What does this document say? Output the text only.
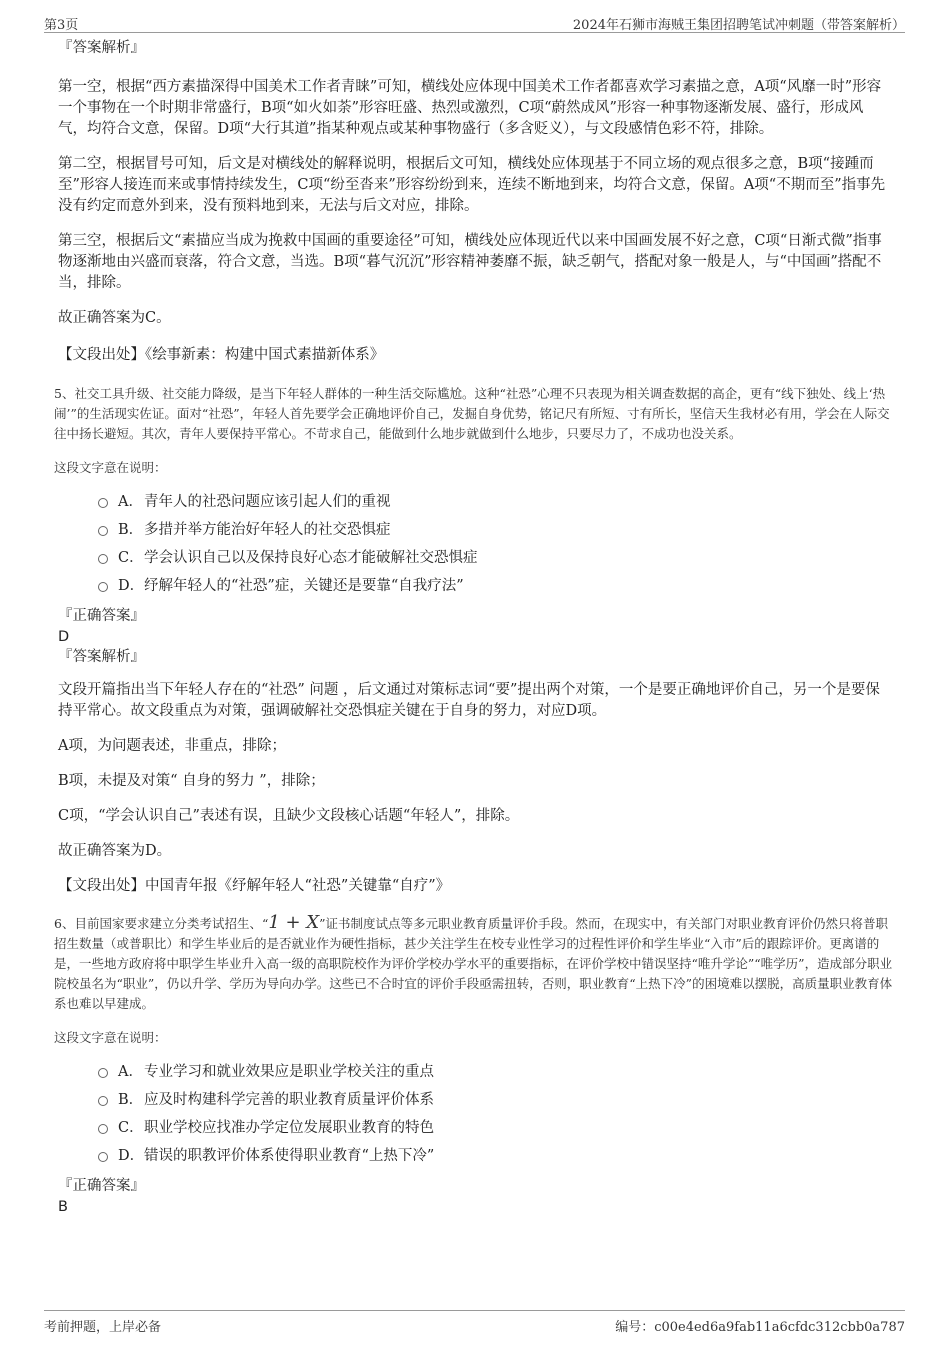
第3页	2024年石狮市海贼王集团招聘笔试冲刺题（带答案解析）

『答案解析』

第一空，根据“西方素描深得中国美术工作者青睐”可知，横线处应体现中国美术工作者都喜欢学习素描之意，A项“风靡一时”形容一个事物在一个时期非常盛行，B项“如火如荼”形容旺盛、热烈或激烈，C项“蔚然成风”形容一种事物逐渐发展、盛行，形成风气，均符合文意，保留。D项“大行其道”指某种观点或某种事物盛行（多含贬义），与文段感情色彩不符，排除。

第二空，根据冒号可知，后文是对横线处的解释说明，根据后文可知，横线处应体现基于不同立场的观点很多之意，B项“接踵而至”形容人接连而来或事情持续发生，C项“纷至沓来”形容纷纷到来，连续不断地到来，均符合文意，保留。A项“不期而至”指事先没有约定而意外到来，没有预料地到来，无法与后文对应，排除。

第三空，根据后文“素描应当成为挽救中国画的重要途径”可知，横线处应体现近代以来中国画发展不好之意，C项“日渐式微”指事物逐渐地由兴盛而衰落，符合文意，当选。B项“暮气沉沉”形容精神萎靡不振，缺乏朝气，搭配对象一般是人，与“中国画”搭配不当，排除。

故正确答案为C。

【文段出处】《绘事新素：构建中国式素描新体系》

5、社交工具升级、社交能力降级，是当下年轻人群体的一种生活交际尴尬。这种“社恐”心理不只表现为相关调查数据的高企，更有“线下独处、线上‘热闹’”的生活现实佐证。面对“社恐”，年轻人首先要学会正确地评价自己，发掘自身优势，铭记尺有所短、寸有所长，坚信天生我材必有用，学会在人际交往中扬长避短。其次，青年人要保持平常心。不苛求自己，能做到什么地步就做到什么地步，只要尽力了，不成功也没关系。

这段文字意在说明：

A． 青年人的社恐问题应该引起人们的重视
B． 多措并举方能治好年轻人的社交恐惧症
C． 学会认识自己以及保持良好心态才能破解社交恐惧症
D． 纾解年轻人的“社恐”症，关键还是要靠“自我疗法”

『正确答案』

D

『答案解析』

文段开篇指出当下年轻人存在的“社恐” 问题 ，后文通过对策标志词“要”提出两个对策，一个是要正确地评价自己，另一个是要保持平常心。故文段重点为对策，强调破解社交恐惧症关键在于自身的努力，对应D项。

A项，为问题表述，非重点，排除；

B项，未提及对策“ 自身的努力 ”，排除；

C项，“学会认识自己”表述有误，且缺少文段核心话题“年轻人”，排除。

故正确答案为D。

【文段出处】中国青年报《纾解年轻人“社恐”关键靠“自疗”》

6、目前国家要求建立分类考试招生、“1 + X”证书制度试点等多元职业教育质量评价手段。然而，在现实中，有关部门对职业教育评价仍然只将普职招生数量（或普职比）和学生毕业后的是否就业作为硬性指标，甚少关注学生在校专业性学习的过程性评价和学生毕业“入市”后的跟踪评价。更离谱的是，一些地方政府将中职学生毕业升入高一级的高职院校作为评价学校办学水平的重要指标，在评价学校中错误坚持“唯升学论”“唯学历”，造成部分职业院校虽名为“职业”，仍以升学、学历为导向办学。这些已不合时宜的评价手段亟需扭转，否则，职业教育“上热下冷”的困境难以摆脱，高质量职业教育体系也难以早建成。

这段文字意在说明：

A． 专业学习和就业效果应是职业学校关注的重点
B． 应及时构建科学完善的职业教育质量评价体系
C． 职业学校应找准办学定位发展职业教育的特色
D． 错误的职教评价体系使得职业教育“上热下冷”

『正确答案』

B

考前押题，上岸必备	编号：c00e4ed6a9fab11a6cfdc312cbb0a787
